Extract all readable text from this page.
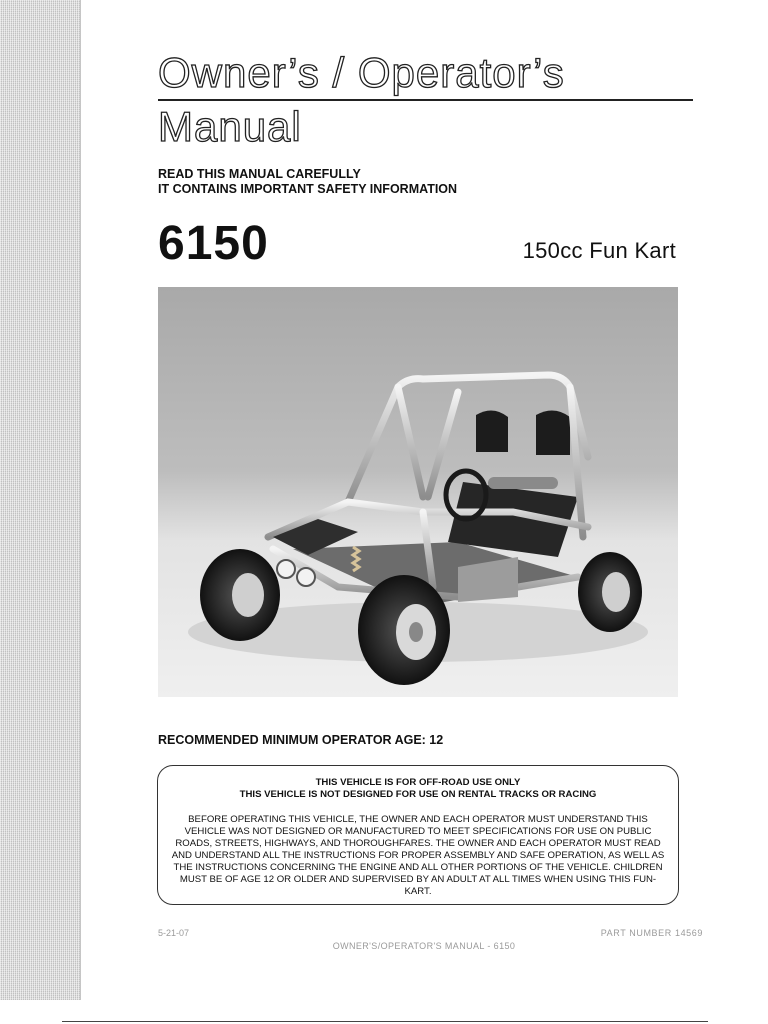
Owner’s / Operator’s
Manual
READ THIS MANUAL CAREFULLY
IT CONTAINS IMPORTANT SAFETY INFORMATION
6150	150cc Fun Kart
RECOMMENDED MINIMUM OPERATOR AGE: 12
THIS VEHICLE IS FOR OFF-ROAD USE ONLY
THIS VEHICLE IS NOT DESIGNED FOR USE ON RENTAL TRACKS OR RACING
BEFORE OPERATING THIS VEHICLE, THE OWNER AND EACH OPERATOR MUST UNDERSTAND THIS VEHICLE WAS NOT DESIGNED OR MANUFACTURED TO MEET SPECIFICATIONS FOR USE ON PUBLIC ROADS, STREETS, HIGHWAYS, AND THOROUGHFARES. THE OWNER AND EACH OPERATOR MUST READ AND UNDERSTAND ALL THE INSTRUCTIONS FOR PROPER ASSEMBLY AND SAFE OPERATION, AS WELL AS THE INSTRUCTIONS CONCERNING THE ENGINE AND ALL OTHER PORTIONS OF THE VEHICLE. CHILDREN MUST BE OF AGE 12 OR OLDER AND SUPERVISED BY AN ADULT AT ALL TIMES WHEN USING THIS FUN-KART.
5-21-07	PART NUMBER 14569
OWNER'S/OPERATOR'S MANUAL - 6150
